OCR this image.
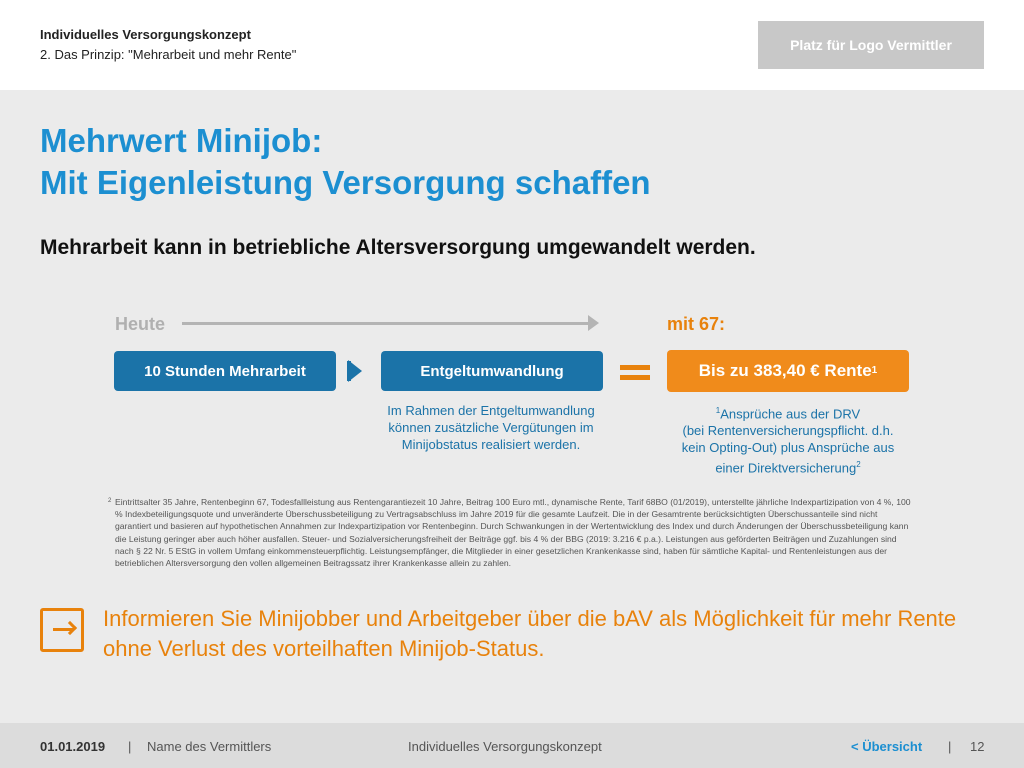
Individuelles Versorgungskonzept
2. Das Prinzip: "Mehrarbeit und mehr Rente"
Platz für Logo Vermittler
Mehrwert Minijob:
Mit Eigenleistung Versorgung schaffen
Mehrarbeit kann in betriebliche Altersversorgung umgewandelt werden.
Heute	mit 67:
10 Stunden Mehrarbeit	Entgeltumwandlung	Bis zu 383,40 € Rente 1
Im Rahmen der Entgeltumwandlung
können zusätzliche Vergütungen im
Minijobstatus realisiert werden.
$^1$Ansprüche aus der DRV
(bei Rentenversicherungspflicht. d.h.
kein Opting-Out) plus Ansprüche aus
einer Direktversicherung$^2$
2 Eintrittsalter 35 Jahre, Rentenbeginn 67, Todesfallleistung aus Rentengarantiezeit 10 Jahre, Beitrag 100 Euro mtl., dynamische Rente, Tarif 68BO (01/2019), unterstellte jährliche Indexpartizipation von 4 %, 100 % Indexbeteiligungsquote und unveränderte Überschussbeteiligung zu Vertragsabschluss im Jahre 2019 für die gesamte Laufzeit. Die in der Gesamtrente berücksichtigten Überschussanteile sind nicht garantiert und basieren auf hypothetischen Annahmen zur Indexpartizipation vor Rentenbeginn. Durch Schwankungen in der Wertentwicklung des Index und durch Änderungen der Überschussbeteiligung kann die Leistung geringer aber auch höher ausfallen. Steuer- und Sozialversicherungsfreiheit der Beiträge ggf. bis 4 % der BBG (2019: 3.216 € p.a.). Leistungen aus geförderten Beiträgen und Zuzahlungen sind nach § 22 Nr. 5 EStG in vollem Umfang einkommensteuerpflichtig. Leistungsempfänger, die Mitglieder in einer gesetzlichen Krankenkasse sind, haben für sämtliche Kapital- und Rentenleistungen aus der betrieblichen Altersversorgung den vollen allgemeinen Beitragssatz ihrer Krankenkasse allein zu zahlen.
Informieren Sie Minijobber und Arbeitgeber über die bAV als Möglichkeit für mehr Rente ohne Verlust des vorteilhaften Minijob-Status.
01.01.2019 | Name des Vermittlers	Individuelles Versorgungskonzept	< Übersicht | 12
